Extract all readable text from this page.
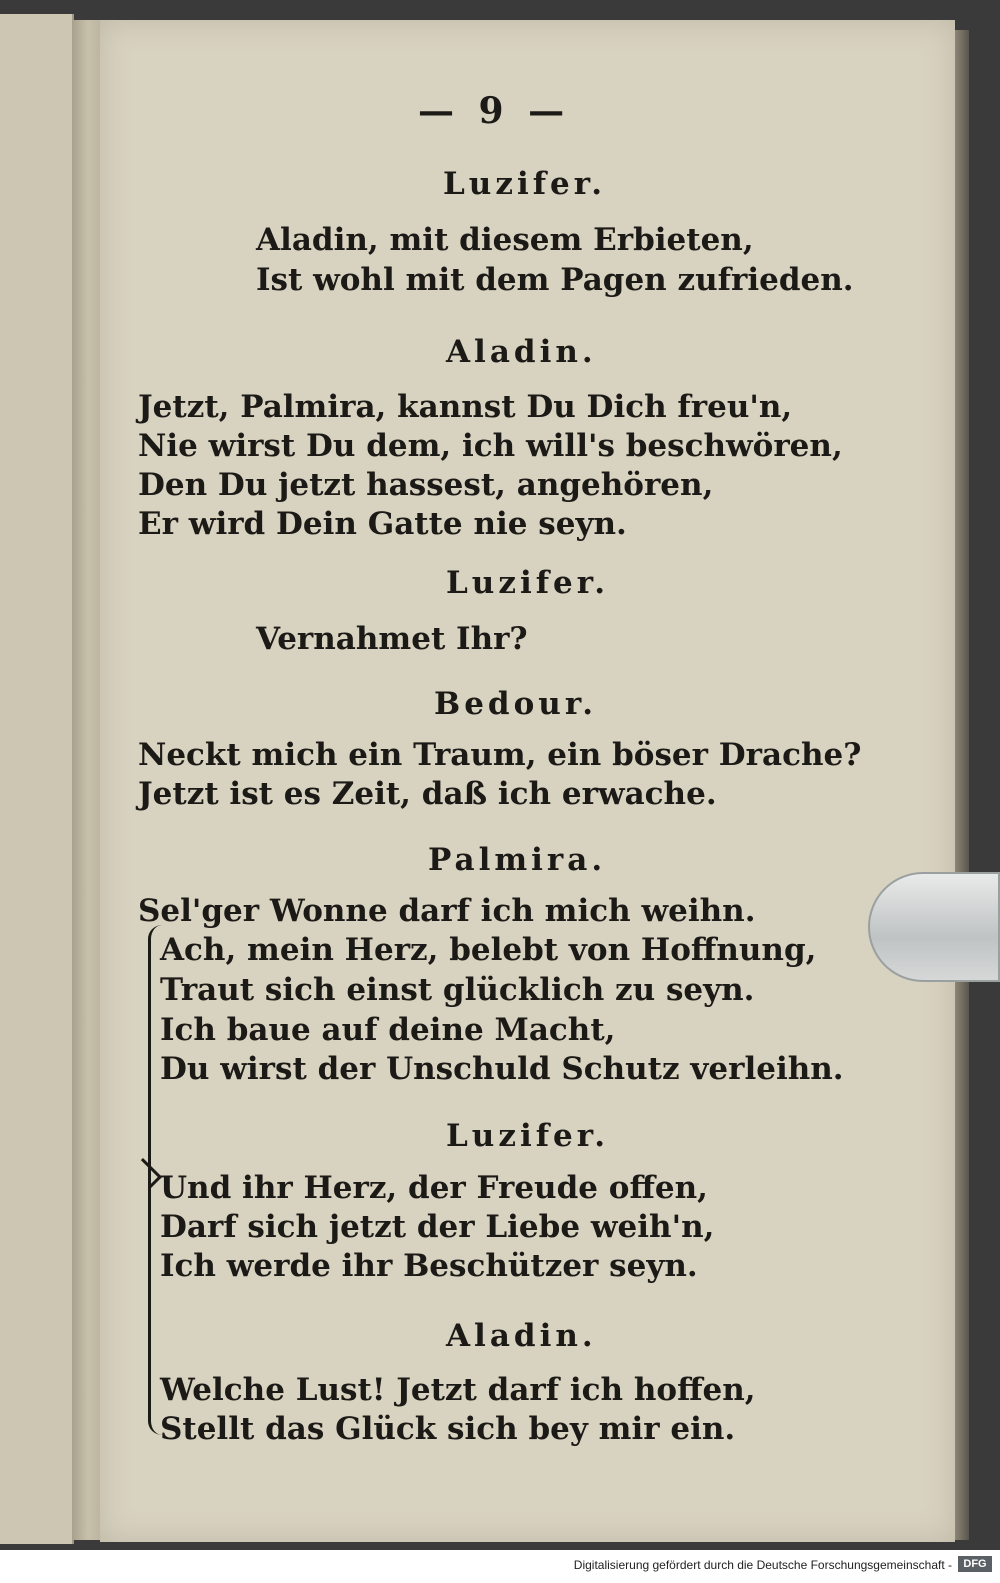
— 9 —
Luzifer.
Aladin, mit diesem Erbieten,
Ist wohl mit dem Pagen zufrieden.
Aladin.
Jetzt, Palmira, kannst Du Dich freu'n,
Nie wirst Du dem, ich will's beschwören,
Den Du jetzt hassest, angehören,
Er wird Dein Gatte nie seyn.
Luzifer.
Vernahmet Ihr?
Bedour.
Neckt mich ein Traum, ein böser Drache?
Jetzt ist es Zeit, daß ich erwache.
Palmira.
Sel'ger Wonne darf ich mich weihn.
Ach, mein Herz, belebt von Hoffnung,
Traut sich einst glücklich zu seyn.
Ich baue auf deine Macht,
Du wirst der Unschuld Schutz verleihn.
Luzifer.
Und ihr Herz, der Freude offen,
Darf sich jetzt der Liebe weih'n,
Ich werde ihr Beschützer seyn.
Aladin.
Welche Lust! Jetzt darf ich hoffen,
Stellt das Glück sich bey mir ein.
Digitalisierung gefördert durch die Deutsche Forschungsgemeinschaft -	DFG
